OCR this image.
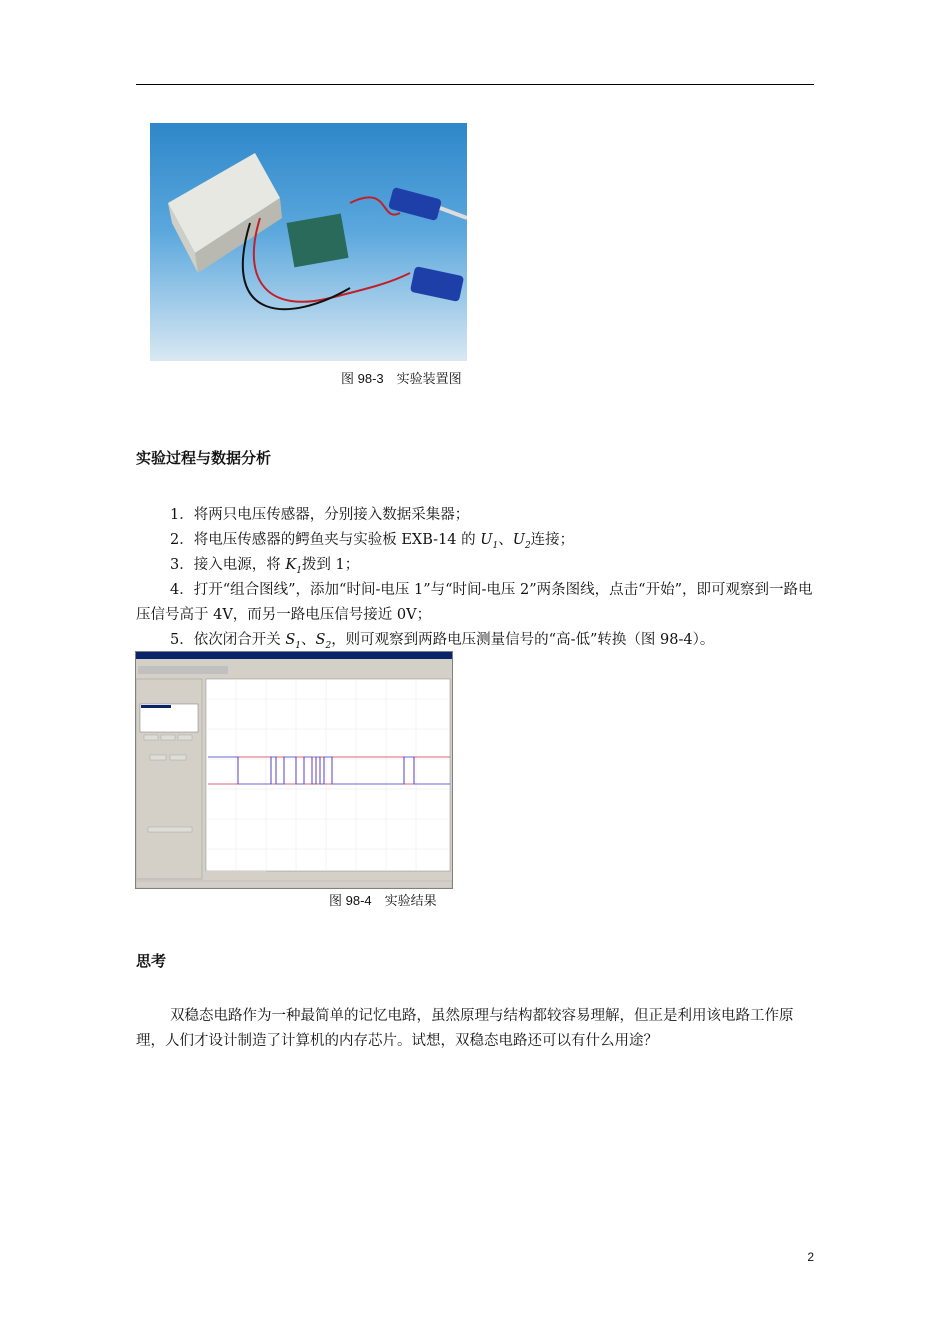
图 98-3　实验装置图
实验过程与数据分析
1．将两只电压传感器，分别接入数据采集器；
2．将电压传感器的鳄鱼夹与实验板 EXB-14 的 $U_1$、$U_2$连接；
3．接入电源，将 $K_1$拨到 1；
4．打开“组合图线”，添加“时间-电压 1”与“时间-电压 2”两条图线，点击“开始”，即可观察到一路电压信号高于 4V，而另一路电压信号接近 0V；
5．依次闭合开关 $S_1$、$S_2$，则可观察到两路电压测量信号的“高-低”转换（图 98-4）。
图 98-4　实验结果
思考
双稳态电路作为一种最简单的记忆电路，虽然原理与结构都较容易理解，但正是利用该电路工作原理，人们才设计制造了计算机的内存芯片。试想，双稳态电路还可以有什么用途？
2
